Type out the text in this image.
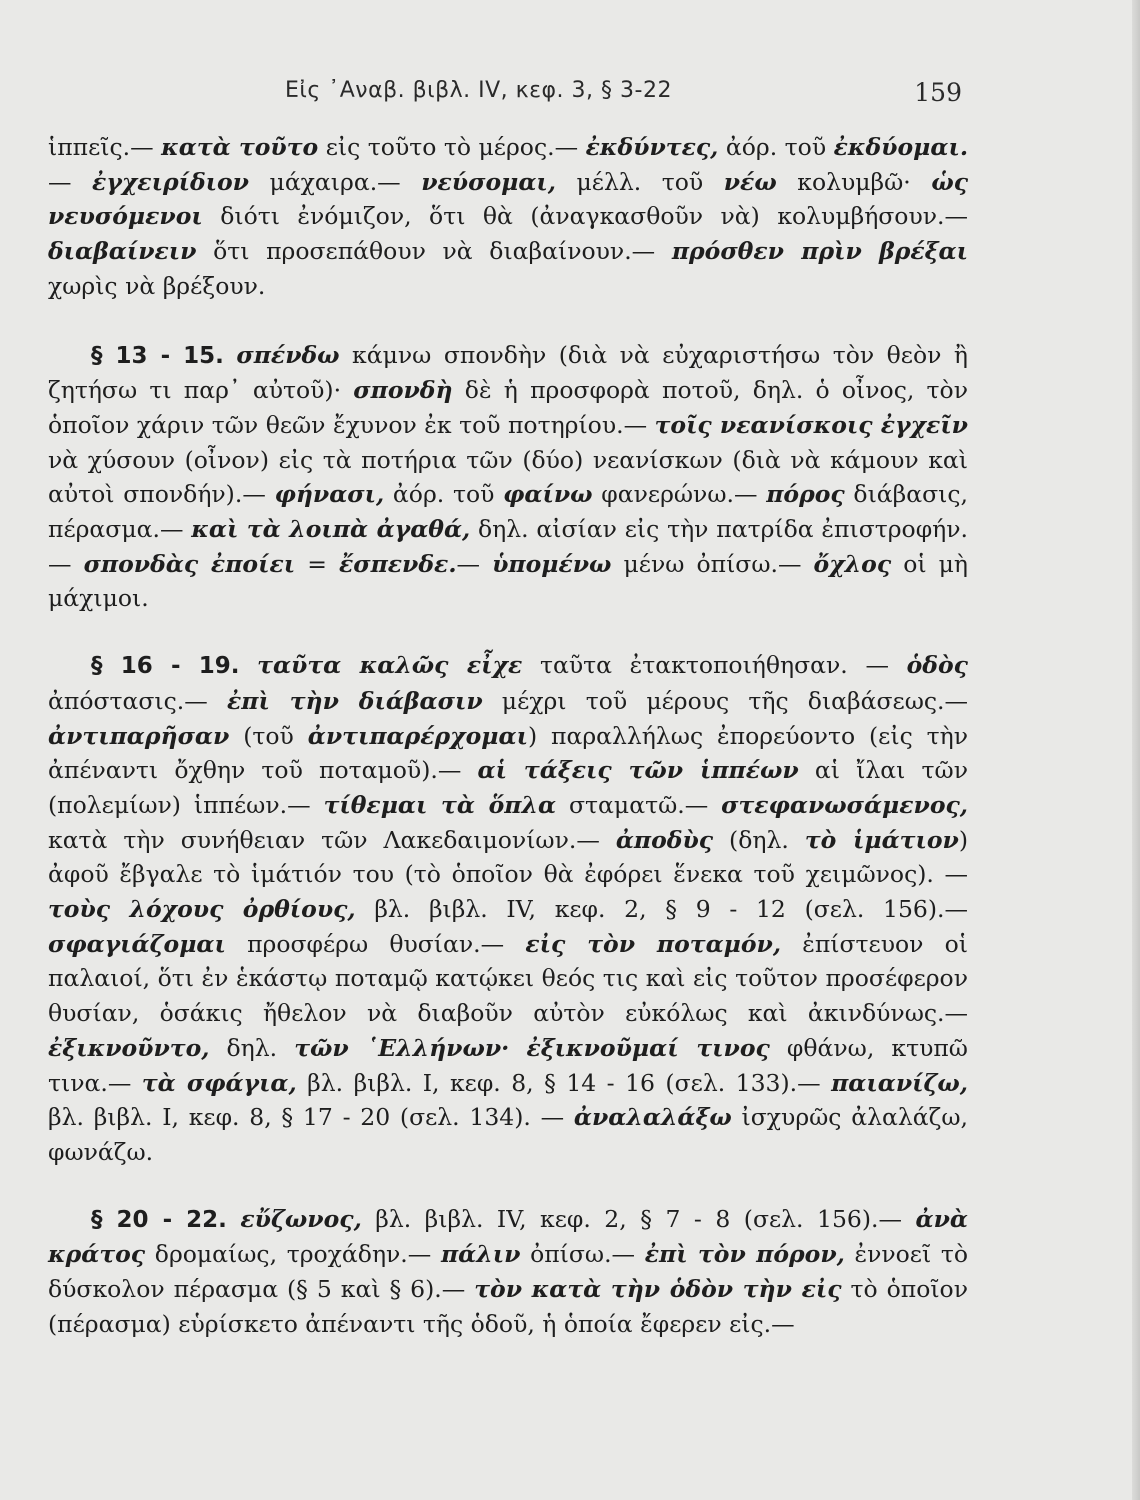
Εἰς ᾿Αναβ. βιβλ. IV, κεφ. 3, § 3-22	159

ἱππεῖς.— κατὰ τοῦτο εἰς τοῦτο τὸ μέρος.— ἐκδύντες, ἀόρ. τοῦ ἐκδύομαι.— ἐγχειρίδιον μάχαιρα.— νεύσομαι, μέλλ. τοῦ νέω κολυμβῶ· ὡς νευσόμενοι διότι ἐνόμιζον, ὅτι θὰ (ἀναγκασθοῦν νὰ) κολυμβήσουν.— διαβαίνειν ὅτι προσεπάθουν νὰ διαβαίνουν.— πρόσθεν πρὶν βρέξαι χωρὶς νὰ βρέξουν.

§ 13 - 15. σπένδω κάμνω σπονδὴν (διὰ νὰ εὐχαριστήσω τὸν θεὸν ἢ ζητήσω τι παρ᾿ αὐτοῦ)· σπονδὴ δὲ ἡ προσφορὰ ποτοῦ, δηλ. ὁ οἶνος, τὸν ὁποῖον χάριν τῶν θεῶν ἔχυνον ἐκ τοῦ ποτηρίου.— τοῖς νεανίσκοις ἐγχεῖν νὰ χύσουν (οἶνον) εἰς τὰ ποτήρια τῶν (δύο) νεανίσκων (διὰ νὰ κάμουν καὶ αὐτοὶ σπονδήν).— φήνασι, ἀόρ. τοῦ φαίνω φανερώνω.— πόρος διάβασις, πέρασμα.— καὶ τὰ λοιπὰ ἀγαθά, δηλ. αἰσίαν εἰς τὴν πατρίδα ἐπιστροφήν.— σπονδὰς ἐποίει = ἔσπενδε.— ὑπομένω μένω ὀπίσω.— ὄχλος οἱ μὴ μάχιμοι.

§ 16 - 19. ταῦτα καλῶς εἶχε ταῦτα ἐτακτοποιήθησαν. — ὁδὸς ἀπόστασις.— ἐπὶ τὴν διάβασιν μέχρι τοῦ μέρους τῆς διαβάσεως.— ἀντιπαρῆσαν (τοῦ ἀντιπαρέρχομαι) παραλλήλως ἐπορεύοντο (εἰς τὴν ἀπέναντι ὄχθην τοῦ ποταμοῦ).— αἱ τάξεις τῶν ἱππέων αἱ ἴλαι τῶν (πολεμίων) ἱππέων.— τίθεμαι τὰ ὅπλα σταματῶ.— στεφανωσάμενος, κατὰ τὴν συνήθειαν τῶν Λακεδαιμονίων.— ἀποδὺς (δηλ. τὸ ἱμάτιον) ἀφοῦ ἔβγαλε τὸ ἱμάτιόν του (τὸ ὁποῖον θὰ ἐφόρει ἕνεκα τοῦ χειμῶνος). — τοὺς λόχους ὀρθίους, βλ. βιβλ. IV, κεφ. 2, § 9 - 12 (σελ. 156).— σφαγιάζομαι προσφέρω θυσίαν.— εἰς τὸν ποταμόν, ἐπίστευον οἱ παλαιοί, ὅτι ἐν ἑκάστῳ ποταμῷ κατῴκει θεός τις καὶ εἰς τοῦτον προσέφερον θυσίαν, ὁσάκις ἤθελον νὰ διαβοῦν αὐτὸν εὐκόλως καὶ ἀκινδύνως.— ἐξικνοῦντο, δηλ. τῶν ῾Ελλήνων· ἐξικνοῦμαί τινος φθάνω, κτυπῶ τινα.— τὰ σφάγια, βλ. βιβλ. I, κεφ. 8, § 14 - 16 (σελ. 133).— παιανίζω, βλ. βιβλ. I, κεφ. 8, § 17 - 20 (σελ. 134). — ἀναλαλάξω ἰσχυρῶς ἀλαλάζω, φωνάζω.

§ 20 - 22. εὔζωνος, βλ. βιβλ. IV, κεφ. 2, § 7 - 8 (σελ. 156).— ἀνὰ κράτος δρομαίως, τροχάδην.— πάλιν ὀπίσω.— ἐπὶ τὸν πόρον, ἐννοεῖ τὸ δύσκολον πέρασμα (§ 5 καὶ § 6).— τὸν κατὰ τὴν ὁδὸν τὴν εἰς τὸ ὁποῖον (πέρασμα) εὑρίσκετο ἀπέναντι τῆς ὁδοῦ, ἡ ὁποία ἔφερεν εἰς.—
